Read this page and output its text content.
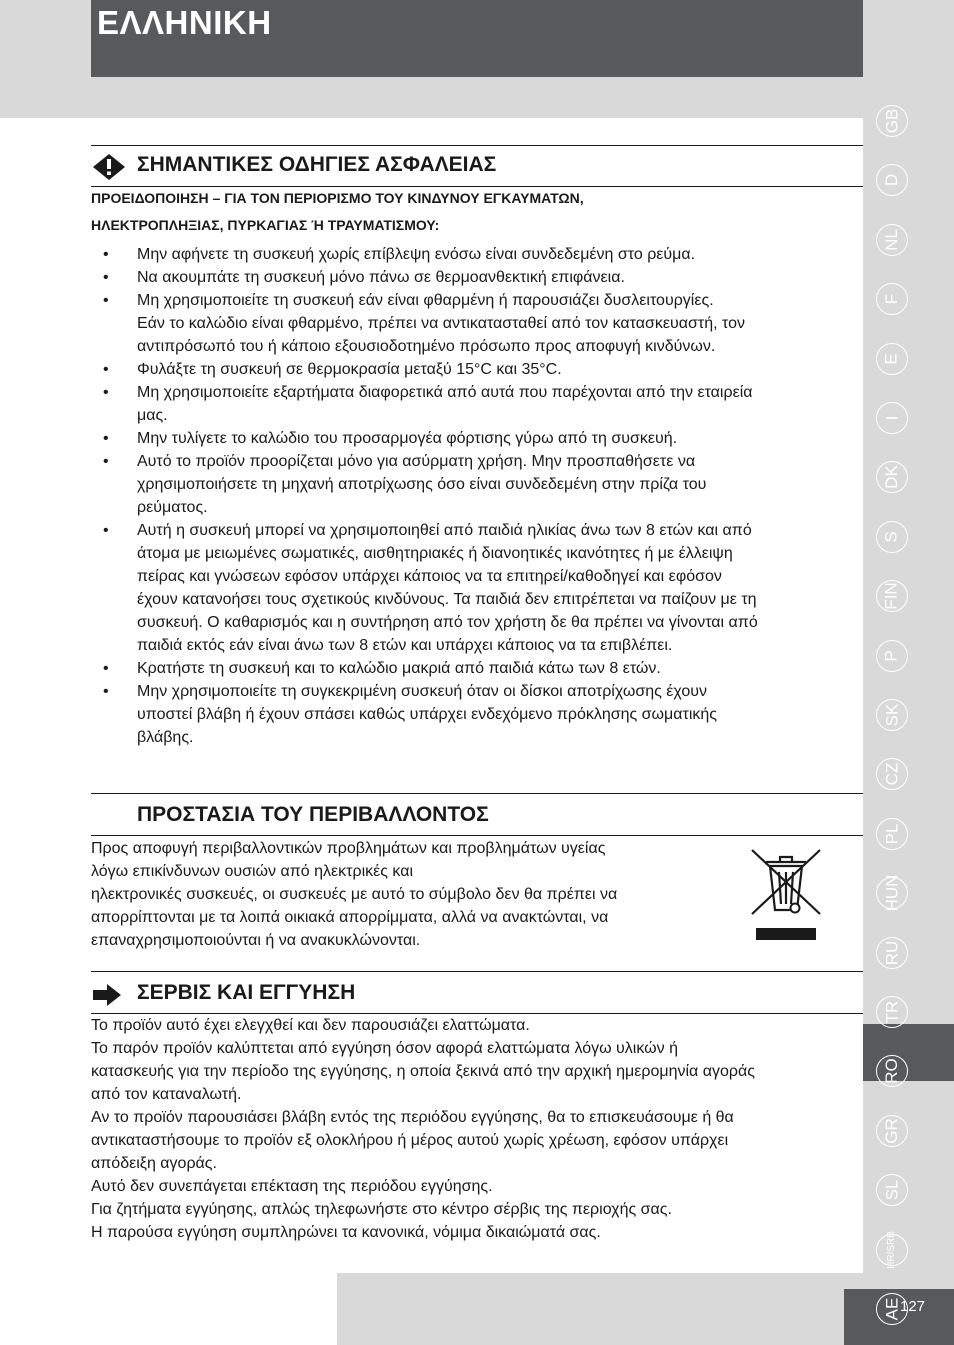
ΕΛΛΗΝΙΚΗ
127
GB
D
NL
F
E
I
DK
S
FIN
P
SK
CZ
PL
HUN
RU
TR
RO
GR
SL
HR/SRB
AE
ΣΗΜΑΝΤΙΚΕΣ ΟΔΗΓΙΕΣ ΑΣΦΑΛΕΙΑΣ
ΠΡΟΕΙΔΟΠΟΙΗΣΗ – ΓΙΑ ΤΟΝ ΠΕΡΙΟΡΙΣΜΟ ΤΟΥ ΚΙΝΔΥΝΟΥ ΕΓΚΑΥΜΑΤΩΝ,
ΗΛΕΚΤΡΟΠΛΗΞΙΑΣ, ΠΥΡΚΑΓΙΑΣ Ή ΤΡΑΥΜΑΤΙΣΜΟΥ:
• Μην αφήνετε τη συσκευή χωρίς επίβλεψη ενόσω είναι συνδεδεμένη στο ρεύμα.
• Να ακουμπάτε τη συσκευή μόνο πάνω σε θερμοανθεκτική επιφάνεια.
• Μη χρησιμοποιείτε τη συσκευή εάν είναι φθαρμένη ή παρουσιάζει δυσλειτουργίες.
Εάν το καλώδιο είναι φθαρμένο, πρέπει να αντικατασταθεί από τον κατασκευαστή, τον
αντιπρόσωπό του ή κάποιο εξουσιοδοτημένο πρόσωπο προς αποφυγή κινδύνων.
• Φυλάξτε τη συσκευή σε θερμοκρασία μεταξύ 15°C και 35°C.
• Μη χρησιμοποιείτε εξαρτήματα διαφορετικά από αυτά που παρέχονται από την εταιρεία
μας.
• Μην τυλίγετε το καλώδιο του προσαρμογέα φόρτισης γύρω από τη συσκευή.
• Αυτό το προϊόν προορίζεται μόνο για ασύρματη χρήση. Μην προσπαθήσετε να
χρησιμοποιήσετε τη μηχανή αποτρίχωσης όσο είναι συνδεδεμένη στην πρίζα του
ρεύματος.
• Αυτή η συσκευή μπορεί να χρησιμοποιηθεί από παιδιά ηλικίας άνω των 8 ετών και από
άτομα με μειωμένες σωματικές, αισθητηριακές ή διανοητικές ικανότητες ή με έλλειψη
πείρας και γνώσεων εφόσον υπάρχει κάποιος να τα επιτηρεί/καθοδηγεί και εφόσον
έχουν κατανοήσει τους σχετικούς κινδύνους. Τα παιδιά δεν επιτρέπεται να παίζουν με τη
συσκευή. Ο καθαρισμός και η συντήρηση από τον χρήστη δε θα πρέπει να γίνονται από
παιδιά εκτός εάν είναι άνω των 8 ετών και υπάρχει κάποιος να τα επιβλέπει.
• Κρατήστε τη συσκευή και το καλώδιο μακριά από παιδιά κάτω των 8 ετών.
• Μην χρησιμοποιείτε τη συγκεκριμένη συσκευή όταν οι δίσκοι αποτρίχωσης έχουν
υποστεί βλάβη ή έχουν σπάσει καθώς υπάρχει ενδεχόμενο πρόκλησης σωματικής
βλάβης.
ΠΡΟΣΤΑΣΙΑ ΤΟΥ ΠΕΡΙΒΑΛΛΟΝΤΟΣ
Προς αποφυγή περιβαλλοντικών προβλημάτων και προβλημάτων υγείας
λόγω επικίνδυνων ουσιών από ηλεκτρικές και
ηλεκτρονικές συσκευές, οι συσκευές με αυτό το σύμβολο δεν θα πρέπει να
απορρίπτονται με τα λοιπά οικιακά απορρίμματα, αλλά να ανακτώνται, να
επαναχρησιμοποιούνται ή να ανακυκλώνονται.
ΣΕΡΒΙΣ ΚΑΙ ΕΓΓΥΗΣΗ
Το προϊόν αυτό έχει ελεγχθεί και δεν παρουσιάζει ελαττώματα.
Το παρόν προϊόν καλύπτεται από εγγύηση όσον αφορά ελαττώματα λόγω υλικών ή
κατασκευής για την περίοδο της εγγύησης, η οποία ξεκινά από την αρχική ημερομηνία αγοράς
από τον καταναλωτή.
Αν το προϊόν παρουσιάσει βλάβη εντός της περιόδου εγγύησης, θα το επισκευάσουμε ή θα
αντικαταστήσουμε το προϊόν εξ ολοκλήρου ή μέρος αυτού χωρίς χρέωση, εφόσον υπάρχει
απόδειξη αγοράς.
Αυτό δεν συνεπάγεται επέκταση της περιόδου εγγύησης.
Για ζητήματα εγγύησης, απλώς τηλεφωνήστε στο κέντρο σέρβις της περιοχής σας.
Η παρούσα εγγύηση συμπληρώνει τα κανονικά, νόμιμα δικαιώματά σας.
